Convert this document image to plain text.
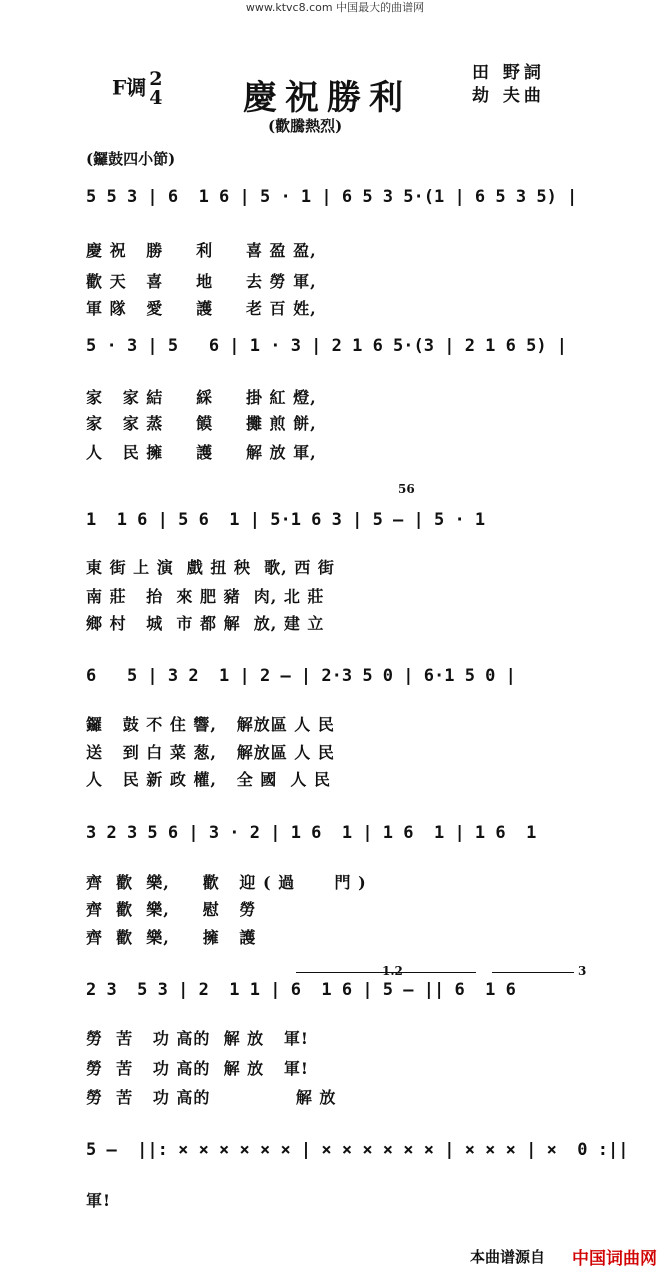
www.ktvc8.com 中国最大的曲谱网
F调 2
4 慶祝勝利
田 野詞
劫 夫曲
(歡騰熱烈)
(鑼鼓四小節)
5 5 3 | 6  1 6 | 5 · 1 | 6 5 3 5·(1 | 6 5 3 5) |
慶 祝   勝     利     喜 盈 盈,
歡 天   喜     地     去 勞 軍,
軍 隊   愛     護     老 百 姓,
5 · 3 | 5   6 | 1 · 3 | 2 1 6 5·(3 | 2 1 6 5) |
家   家 結     綵     掛 紅 燈,
家   家 蒸     饃     攤 煎 餅,
人   民 擁     護     解 放 軍,
56
1  1 6 | 5 6  1 | 5·1 6 3 | 5 — | 5 · 1
東 街 上 演  戲 扭 秧  歌, 西 街
南 莊   抬  來 肥 豬  肉, 北 莊
鄉 村   城  市 都 解  放, 建 立
6   5 | 3 2  1 | 2 — | 2·3 5 0 | 6·1 5 0 |
鑼   鼓 不 住 響,   解放區 人 民
送   到 白 菜 葱,   解放區 人 民
人   民 新 政 權,   全 國  人 民
3 2 3 5 6 | 3 · 2 | 1 6  1 | 1 6  1 | 1 6  1
齊  歡  樂,     歡   迎 ( 過      門 )
齊  歡  樂,     慰   勞
齊  歡  樂,     擁   護
1.2	3
2 3  5 3 | 2  1 1 | 6  1 6 | 5 — || 6  1 6
勞  苦   功 高的  解 放   軍!
勞  苦   功 高的  解 放   軍!
勞  苦   功 高的             解 放
5 —  ||: × × × × × × | × × × × × × | × × × | ×  0 :||
軍!
本曲谱源自 中国词曲网
